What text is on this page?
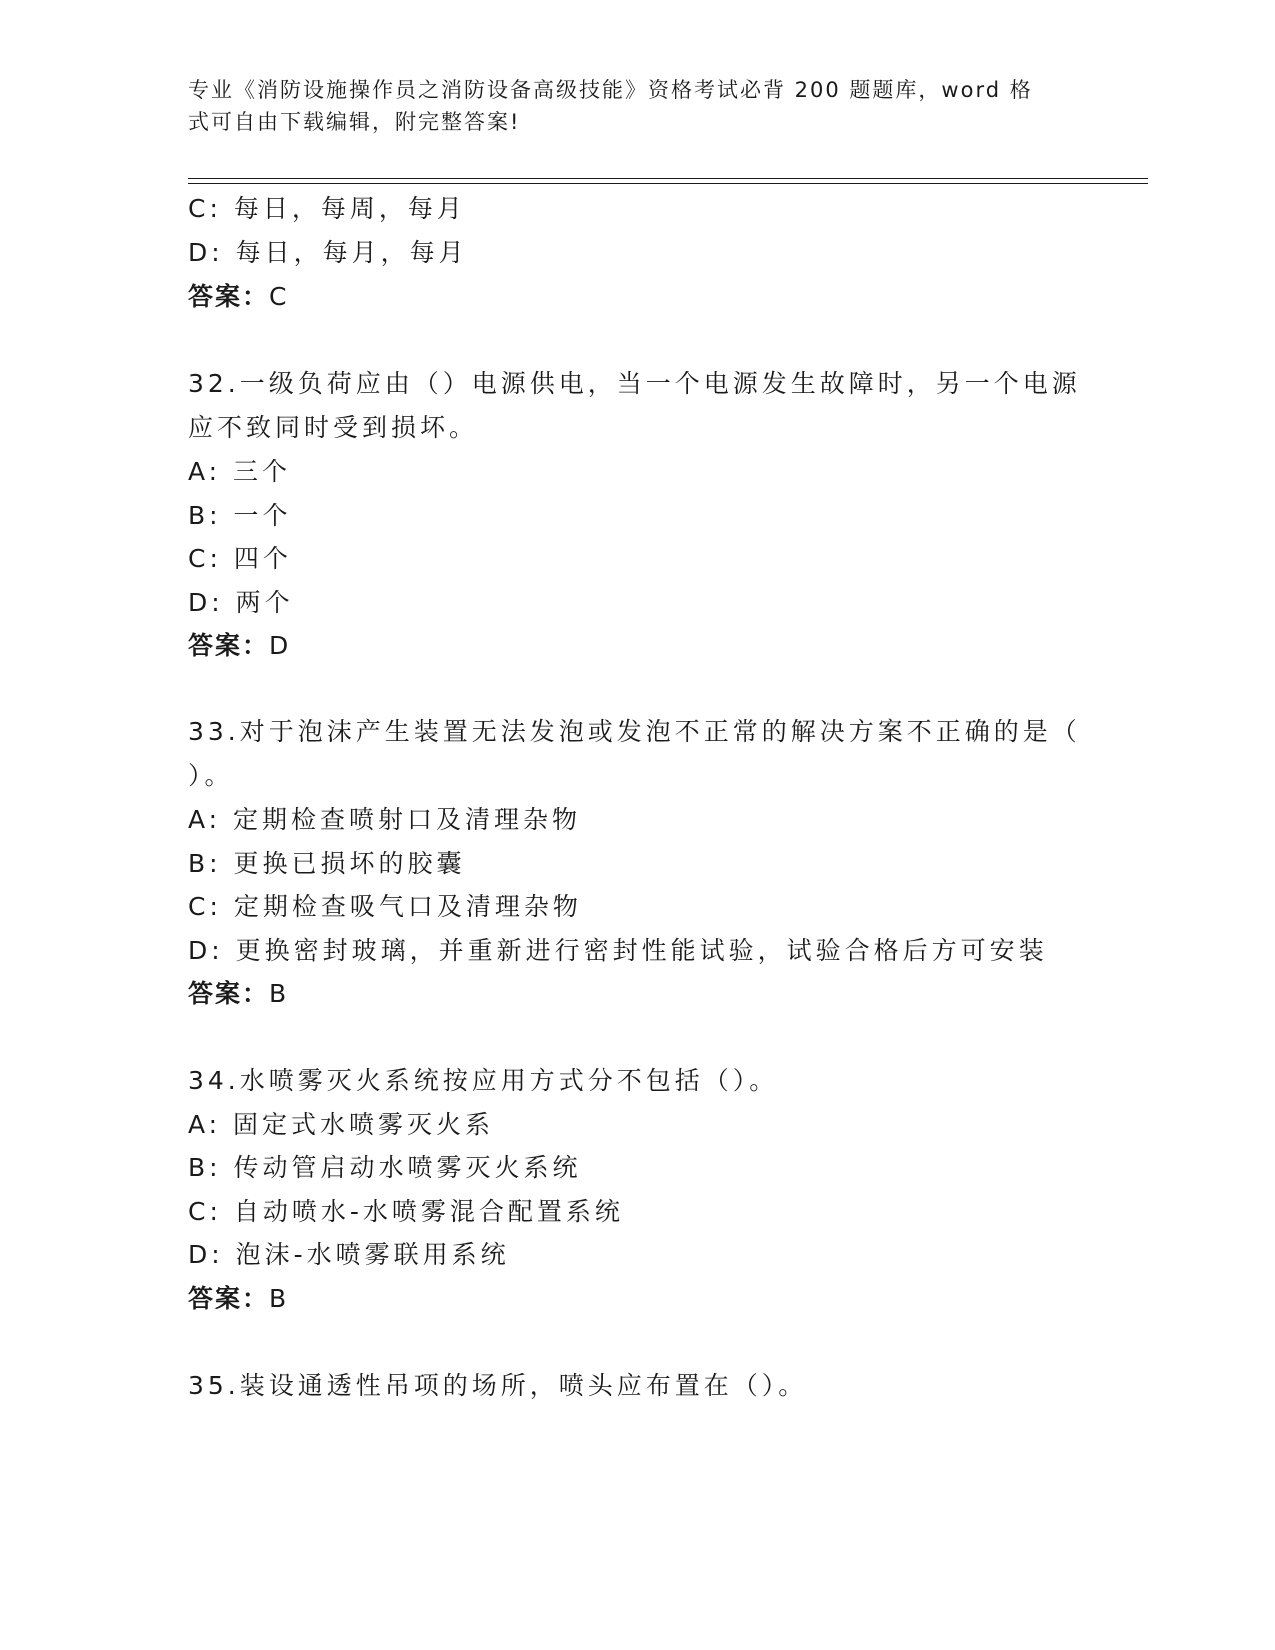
专业《消防设施操作员之消防设备高级技能》资格考试必背 200 题题库，word 格
式可自由下载编辑，附完整答案!
C: 每日，每周，每月
D: 每日，每月，每月
答案：C
32.一级负荷应由（）电源供电，当一个电源发生故障时，另一个电源
应不致同时受到损坏。
A: 三个
B: 一个
C: 四个
D: 两个
答案：D
33.对于泡沫产生装置无法发泡或发泡不正常的解决方案不正确的是（
）。
A: 定期检查喷射口及清理杂物
B: 更换已损坏的胶囊
C: 定期检查吸气口及清理杂物
D: 更换密封玻璃，并重新进行密封性能试验，试验合格后方可安装
答案：B
34.水喷雾灭火系统按应用方式分不包括（）。
A: 固定式水喷雾灭火系
B: 传动管启动水喷雾灭火系统
C: 自动喷水-水喷雾混合配置系统
D: 泡沫-水喷雾联用系统
答案：B
35.装设通透性吊项的场所，喷头应布置在（）。
